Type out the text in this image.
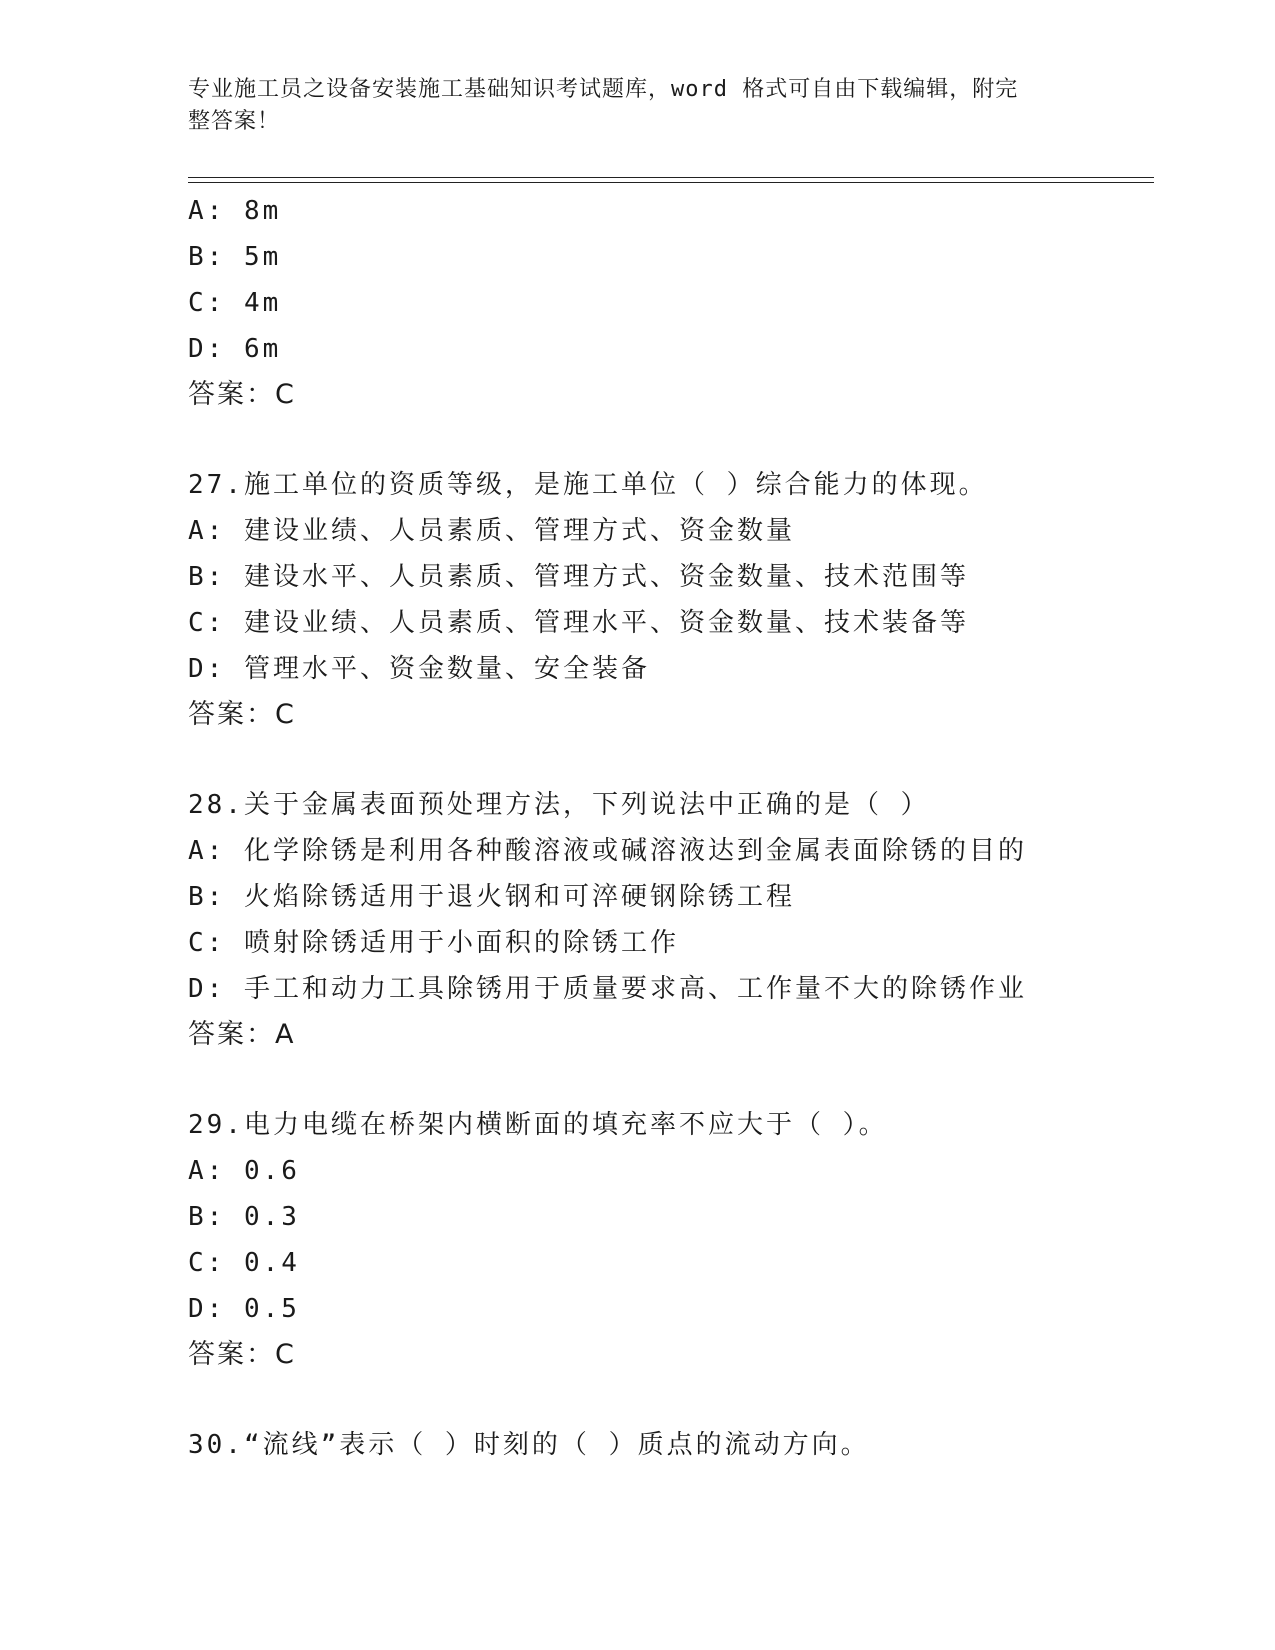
专业施工员之设备安装施工基础知识考试题库，word 格式可自由下载编辑，附完
整答案！
A: 8m
B: 5m
C: 4m
D: 6m
答案：C
27.施工单位的资质等级，是施工单位（ ）综合能力的体现。
A: 建设业绩、人员素质、管理方式、资金数量
B: 建设水平、人员素质、管理方式、资金数量、技术范围等
C: 建设业绩、人员素质、管理水平、资金数量、技术装备等
D: 管理水平、资金数量、安全装备
答案：C
28.关于金属表面预处理方法，下列说法中正确的是（ ）
A: 化学除锈是利用各种酸溶液或碱溶液达到金属表面除锈的目的
B: 火焰除锈适用于退火钢和可淬硬钢除锈工程
C: 喷射除锈适用于小面积的除锈工作
D: 手工和动力工具除锈用于质量要求高、工作量不大的除锈作业
答案：A
29.电力电缆在桥架内横断面的填充率不应大于（ ）。
A: 0.6
B: 0.3
C: 0.4
D: 0.5
答案：C
30.“流线”表示（ ）时刻的（ ）质点的流动方向。
